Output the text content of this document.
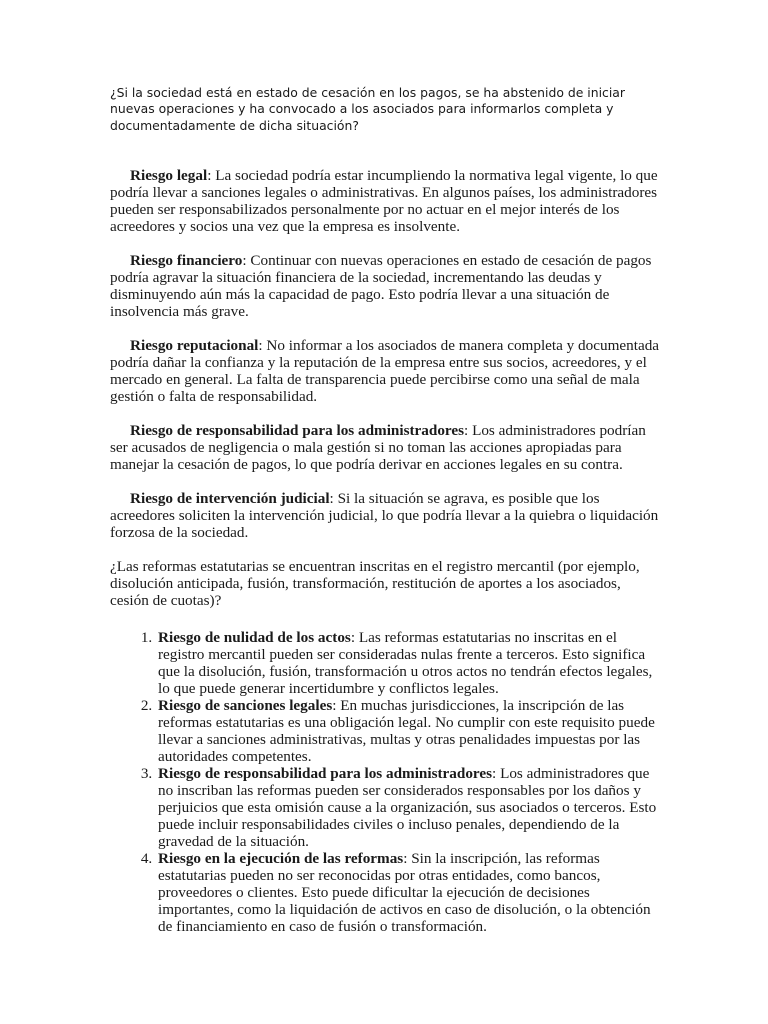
¿Si la sociedad está en estado de cesación en los pagos, se ha abstenido de iniciar nuevas operaciones y ha convocado a los asociados para informarlos completa y documentadamente de dicha situación?

Riesgo legal: La sociedad podría estar incumpliendo la normativa legal vigente, lo que podría llevar a sanciones legales o administrativas. En algunos países, los administradores pueden ser responsabilizados personalmente por no actuar en el mejor interés de los acreedores y socios una vez que la empresa es insolvente.

Riesgo financiero: Continuar con nuevas operaciones en estado de cesación de pagos podría agravar la situación financiera de la sociedad, incrementando las deudas y disminuyendo aún más la capacidad de pago. Esto podría llevar a una situación de insolvencia más grave.

Riesgo reputacional: No informar a los asociados de manera completa y documentada podría dañar la confianza y la reputación de la empresa entre sus socios, acreedores, y el mercado en general. La falta de transparencia puede percibirse como una señal de mala gestión o falta de responsabilidad.

Riesgo de responsabilidad para los administradores: Los administradores podrían ser acusados de negligencia o mala gestión si no toman las acciones apropiadas para manejar la cesación de pagos, lo que podría derivar en acciones legales en su contra.

Riesgo de intervención judicial: Si la situación se agrava, es posible que los acreedores soliciten la intervención judicial, lo que podría llevar a la quiebra o liquidación forzosa de la sociedad.

¿Las reformas estatutarias se encuentran inscritas en el registro mercantil (por ejemplo, disolución anticipada, fusión, transformación, restitución de aportes a los asociados, cesión de cuotas)?

1. Riesgo de nulidad de los actos: Las reformas estatutarias no inscritas en el registro mercantil pueden ser consideradas nulas frente a terceros. Esto significa que la disolución, fusión, transformación u otros actos no tendrán efectos legales, lo que puede generar incertidumbre y conflictos legales.
2. Riesgo de sanciones legales: En muchas jurisdicciones, la inscripción de las reformas estatutarias es una obligación legal. No cumplir con este requisito puede llevar a sanciones administrativas, multas y otras penalidades impuestas por las autoridades competentes.
3. Riesgo de responsabilidad para los administradores: Los administradores que no inscriban las reformas pueden ser considerados responsables por los daños y perjuicios que esta omisión cause a la organización, sus asociados o terceros. Esto puede incluir responsabilidades civiles o incluso penales, dependiendo de la gravedad de la situación.
4. Riesgo en la ejecución de las reformas: Sin la inscripción, las reformas estatutarias pueden no ser reconocidas por otras entidades, como bancos, proveedores o clientes. Esto puede dificultar la ejecución de decisiones importantes, como la liquidación de activos en caso de disolución, o la obtención de financiamiento en caso de fusión o transformación.
